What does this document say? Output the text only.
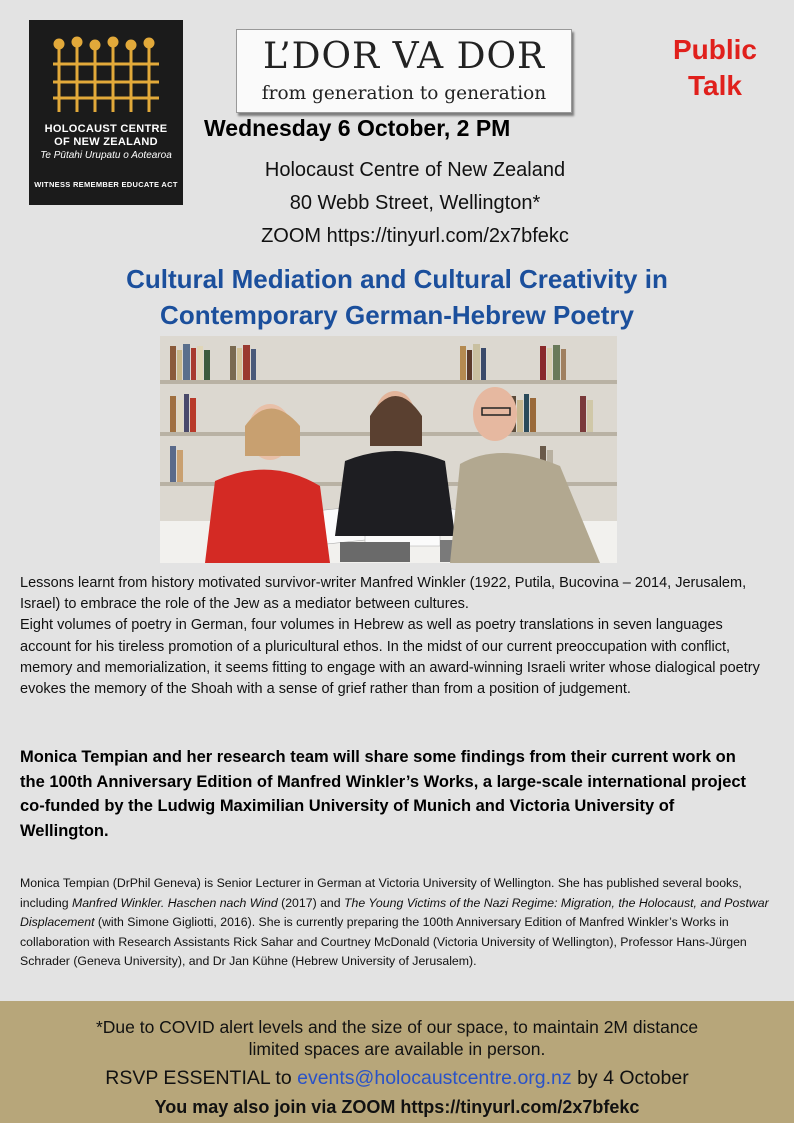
HOLOCAUST CENTRE
OF NEW ZEALAND
Te Pūtahi Urupatu o Aotearoa
WITNESS REMEMBER EDUCATE ACT
L’DOR VA DOR
from generation to generation
Public
Talk
Wednesday 6 October, 2 PM
Holocaust Centre of New Zealand
80 Webb Street, Wellington*
ZOOM https://tinyurl.com/2x7bfekc
Cultural Mediation and Cultural Creativity in
Contemporary German-Hebrew Poetry

Lessons learnt from history motivated survivor-writer Manfred Winkler (1922, Putila, Bucovina – 2014, Jerusalem, Israel) to embrace the role of the Jew as a mediator between cultures.

Eight volumes of poetry in German, four volumes in Hebrew as well as poetry translations in seven languages account for his tireless promotion of a pluricultural ethos. In the midst of our current preoccupation with conflict, memory and memorialization, it seems fitting to engage with an award-winning Israeli writer whose dialogical poetry evokes the memory of the Shoah with a sense of grief rather than from a position of judgement.

Monica Tempian and her research team will share some findings from their current work on the 100th Anniversary Edition of Manfred Winkler’s Works, a large-scale international project co-funded by the Ludwig Maximilian University of Munich and Victoria University of Wellington.
Monica Tempian (DrPhil Geneva) is Senior Lecturer in German at Victoria University of Wellington. She has published several books, including Manfred Winkler. Haschen nach Wind (2017) and The Young Victims of the Nazi Regime: Migration, the Holocaust, and Postwar Displacement (with Simone Gigliotti, 2016). She is currently preparing the 100th Anniversary Edition of Manfred Winkler’s Works in collaboration with Research Assistants Rick Sahar and Courtney McDonald (Victoria University of Wellington), Professor Hans-Jürgen Schrader (Geneva University), and Dr Jan Kühne (Hebrew University of Jerusalem).
*Due to COVID alert levels and the size of our space, to maintain 2M distance
limited spaces are available in person.
RSVP ESSENTIAL to events@holocaustcentre.org.nz by 4 October
You may also join via ZOOM https://tinyurl.com/2x7bfekc
